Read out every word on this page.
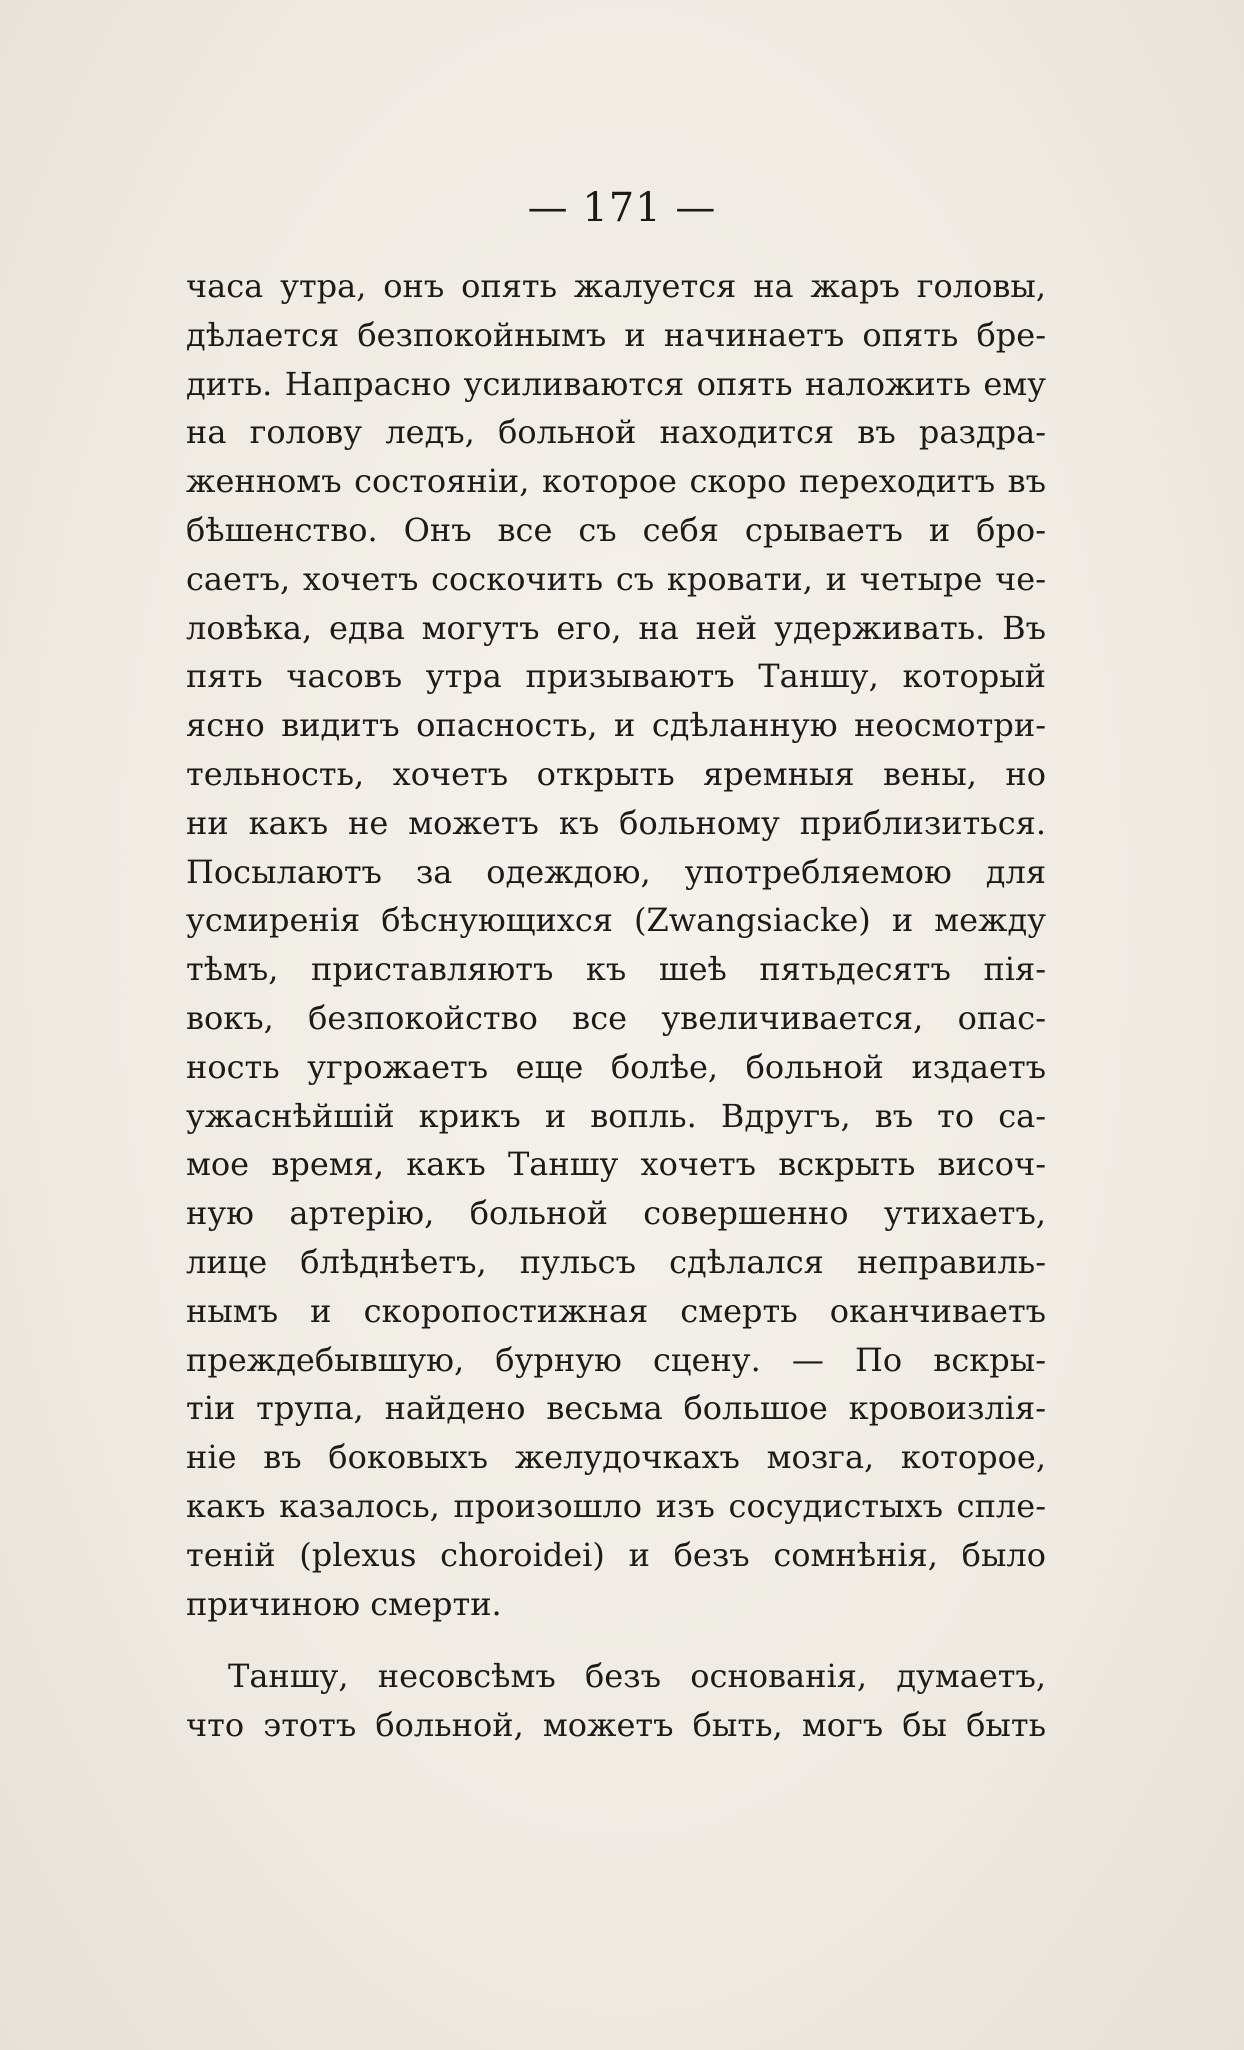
— 171 —
часа утра, онъ опять жалуется на жаръ головы,
дѣлается безпокойнымъ и начинаетъ опять бре-
дить. Напрасно усиливаются опять наложить ему
на голову ледъ, больной находится въ раздра-
женномъ состояніи, которое скоро переходитъ въ
бѣшенство. Онъ все съ себя срываетъ и бро-
саетъ, хочетъ соскочить съ кровати, и четыре че-
ловѣка, едва могутъ его, на ней удерживать. Въ
пять часовъ утра призываютъ Таншу, который
ясно видитъ опасность, и сдѣланную неосмотри-
тельность, хочетъ открыть яремныя вены, но
ни какъ не можетъ къ больному приблизиться.
Посылаютъ за одеждою, употребляемою для
усмиренія бѣснующихся (Zwangsiacke) и между
тѣмъ, приставляютъ къ шеѣ пятьдесятъ пія-
вокъ, безпокойство все увеличивается, опас-
ность угрожаетъ еще болѣе, больной издаетъ
ужаснѣйшій крикъ и вопль. Вдругъ, въ то са-
мое время, какъ Таншу хочетъ вскрыть височ-
ную артерію, больной совершенно утихаетъ,
лице блѣднѣетъ, пульсъ сдѣлался неправиль-
нымъ и скоропостижная смерть оканчиваетъ
преждебывшую, бурную сцену. — По вскры-
тіи трупа, найдено весьма большое кровоизлія-
ніе въ боковыхъ желудочкахъ мозга, которое,
какъ казалось, произошло изъ сосудистыхъ спле-
теній (plexus choroidei) и безъ сомнѣнія, было
причиною смерти.
Таншу, несовсѣмъ безъ основанія, думаетъ,
что этотъ больной, можетъ быть, могъ бы быть
